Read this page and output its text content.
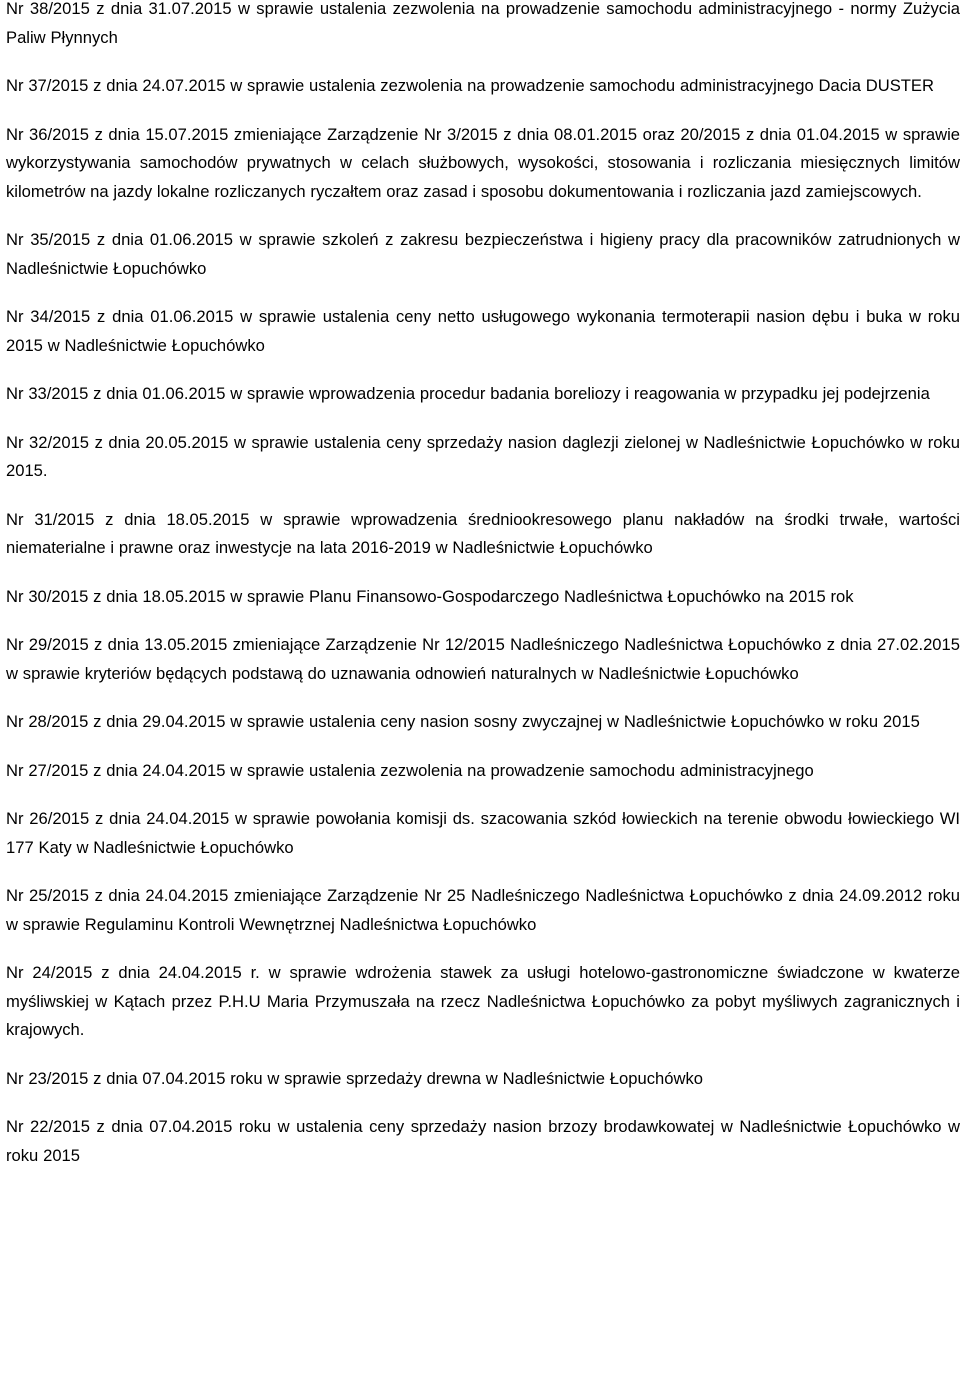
Nr 38/2015 z dnia 31.07.2015 w sprawie ustalenia zezwolenia na prowadzenie samochodu administracyjnego - normy Zużycia Paliw Płynnych

Nr 37/2015 z dnia 24.07.2015 w sprawie ustalenia zezwolenia na prowadzenie samochodu administracyjnego Dacia DUSTER

Nr 36/2015 z dnia 15.07.2015 zmieniające Zarządzenie Nr 3/2015 z dnia 08.01.2015 oraz 20/2015 z dnia 01.04.2015 w sprawie wykorzystywania samochodów prywatnych w celach służbowych, wysokości, stosowania i rozliczania miesięcznych limitów kilometrów na jazdy lokalne rozliczanych ryczałtem oraz zasad i sposobu dokumentowania i rozliczania jazd zamiejscowych.

Nr 35/2015 z dnia 01.06.2015 w sprawie szkoleń z zakresu bezpieczeństwa i higieny pracy dla pracowników zatrudnionych w Nadleśnictwie Łopuchówko

Nr 34/2015 z dnia 01.06.2015 w sprawie ustalenia ceny netto usługowego wykonania termoterapii nasion dębu i buka w roku 2015 w Nadleśnictwie Łopuchówko

Nr 33/2015 z dnia 01.06.2015 w sprawie wprowadzenia procedur badania boreliozy i reagowania w przypadku jej podejrzenia

Nr 32/2015 z dnia 20.05.2015 w sprawie ustalenia ceny sprzedaży nasion daglezji zielonej w Nadleśnictwie Łopuchówko w roku 2015.

Nr 31/2015 z dnia 18.05.2015 w sprawie wprowadzenia średniookresowego planu nakładów na środki trwałe, wartości niematerialne i prawne oraz inwestycje na lata 2016-2019 w Nadleśnictwie Łopuchówko

Nr 30/2015 z dnia 18.05.2015 w sprawie Planu Finansowo-Gospodarczego Nadleśnictwa Łopuchówko na 2015 rok

Nr 29/2015 z dnia 13.05.2015 zmieniające Zarządzenie Nr 12/2015 Nadleśniczego Nadleśnictwa Łopuchówko z dnia 27.02.2015 w sprawie kryteriów będących podstawą do uznawania odnowień naturalnych w Nadleśnictwie Łopuchówko

Nr 28/2015 z dnia 29.04.2015 w sprawie ustalenia ceny nasion sosny zwyczajnej w Nadleśnictwie Łopuchówko w roku 2015

Nr 27/2015 z dnia 24.04.2015 w sprawie ustalenia zezwolenia na prowadzenie samochodu administracyjnego

Nr 26/2015 z dnia 24.04.2015 w sprawie powołania komisji ds. szacowania szkód łowieckich na terenie obwodu łowieckiego WI 177 Katy w Nadleśnictwie Łopuchówko

Nr 25/2015 z dnia 24.04.2015 zmieniające Zarządzenie Nr 25 Nadleśniczego Nadleśnictwa Łopuchówko z dnia 24.09.2012 roku w sprawie Regulaminu Kontroli Wewnętrznej Nadleśnictwa Łopuchówko

Nr 24/2015 z dnia 24.04.2015 r. w sprawie wdrożenia stawek za usługi hotelowo-gastronomiczne świadczone w kwaterze myśliwskiej w Kątach przez P.H.U Maria Przymuszała na rzecz Nadleśnictwa Łopuchówko za pobyt myśliwych zagranicznych i krajowych.

Nr 23/2015 z dnia 07.04.2015 roku w sprawie sprzedaży drewna w Nadleśnictwie Łopuchówko

Nr 22/2015 z dnia 07.04.2015 roku w ustalenia ceny sprzedaży nasion brzozy brodawkowatej w Nadleśnictwie Łopuchówko w roku 2015
